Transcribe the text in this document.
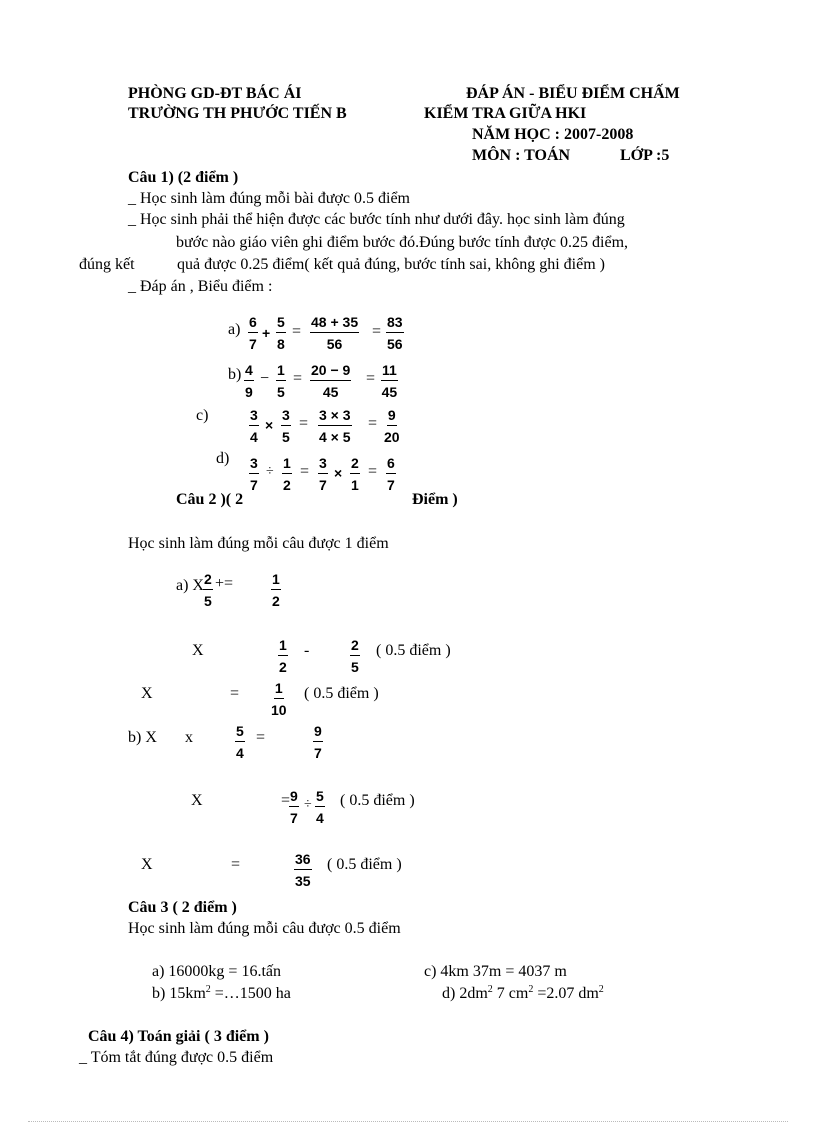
PHÒNG GD-ĐT BÁC ÁI
TRƯỜNG TH PHƯỚC TIẾN B
ĐÁP ÁN - BIỂU ĐIỂM CHẤM
KIỂM TRA GIỮA HKI
NĂM HỌC : 2007-2008
MÔN : TOÁN	LỚP :5
Câu 1) (2 điểm )
_ Học sinh làm đúng mỗi bài được 0.5 điểm
_ Học sinh phải thể hiện được các bước tính như dưới đây. học sinh làm đúng
bước nào giáo viên ghi điểm bước đó.Đúng bước tính được 0.25 điểm,
đúng kết	quả được 0.25 điểm( kết quả đúng, bước tính sai, không ghi điểm )
_ Đáp án , Biểu điểm :
$a) \frac{6}{7} + \frac{5}{8} = \frac{48 + 35}{56} = \frac{83}{56}$
$b) \frac{4}{9} - \frac{1}{5} = \frac{20 - 9}{45} = \frac{11}{45}$
c)	$\frac{3}{4} \times \frac{3}{5} = \frac{3 \times 3}{4 \times 5} = \frac{9}{20}$
$d) \frac{3}{7} \div \frac{1}{2} = \frac{3}{7} \times \frac{2}{1} = \frac{6}{7}$
Câu 2 )( 2	Điểm )
Học sinh làm đúng mỗi câu được 1 điểm
a) X $\frac{2}{5}$ +=	$\frac{1}{2}$
X	$\frac{1}{2}$ -	$\frac{2}{5}$ ( 0.5 điểm )
X	= $\frac{1}{10}$ ( 0.5 điểm )
b) X x	$\frac{5}{4}$ =	$\frac{9}{7}$
X	=
$\frac{9}{7} \div \frac{5}{4}$ ( 0.5 điểm )
X	=	$\frac{36}{35}$ ( 0.5 điểm )
Câu 3 ( 2 điểm )
Học sinh làm đúng mỗi câu được 0.5 điểm
a) 16000kg = 16.tấn
b) $15km^2$ =…1500 ha
c) 4km 37m = 4037 m
d) $2dm^2$ 7 $cm^2 =2.07$ $dm^2$
Câu 4) Toán giải ( 3 điểm )
_ Tóm tắt đúng được 0.5 điểm
